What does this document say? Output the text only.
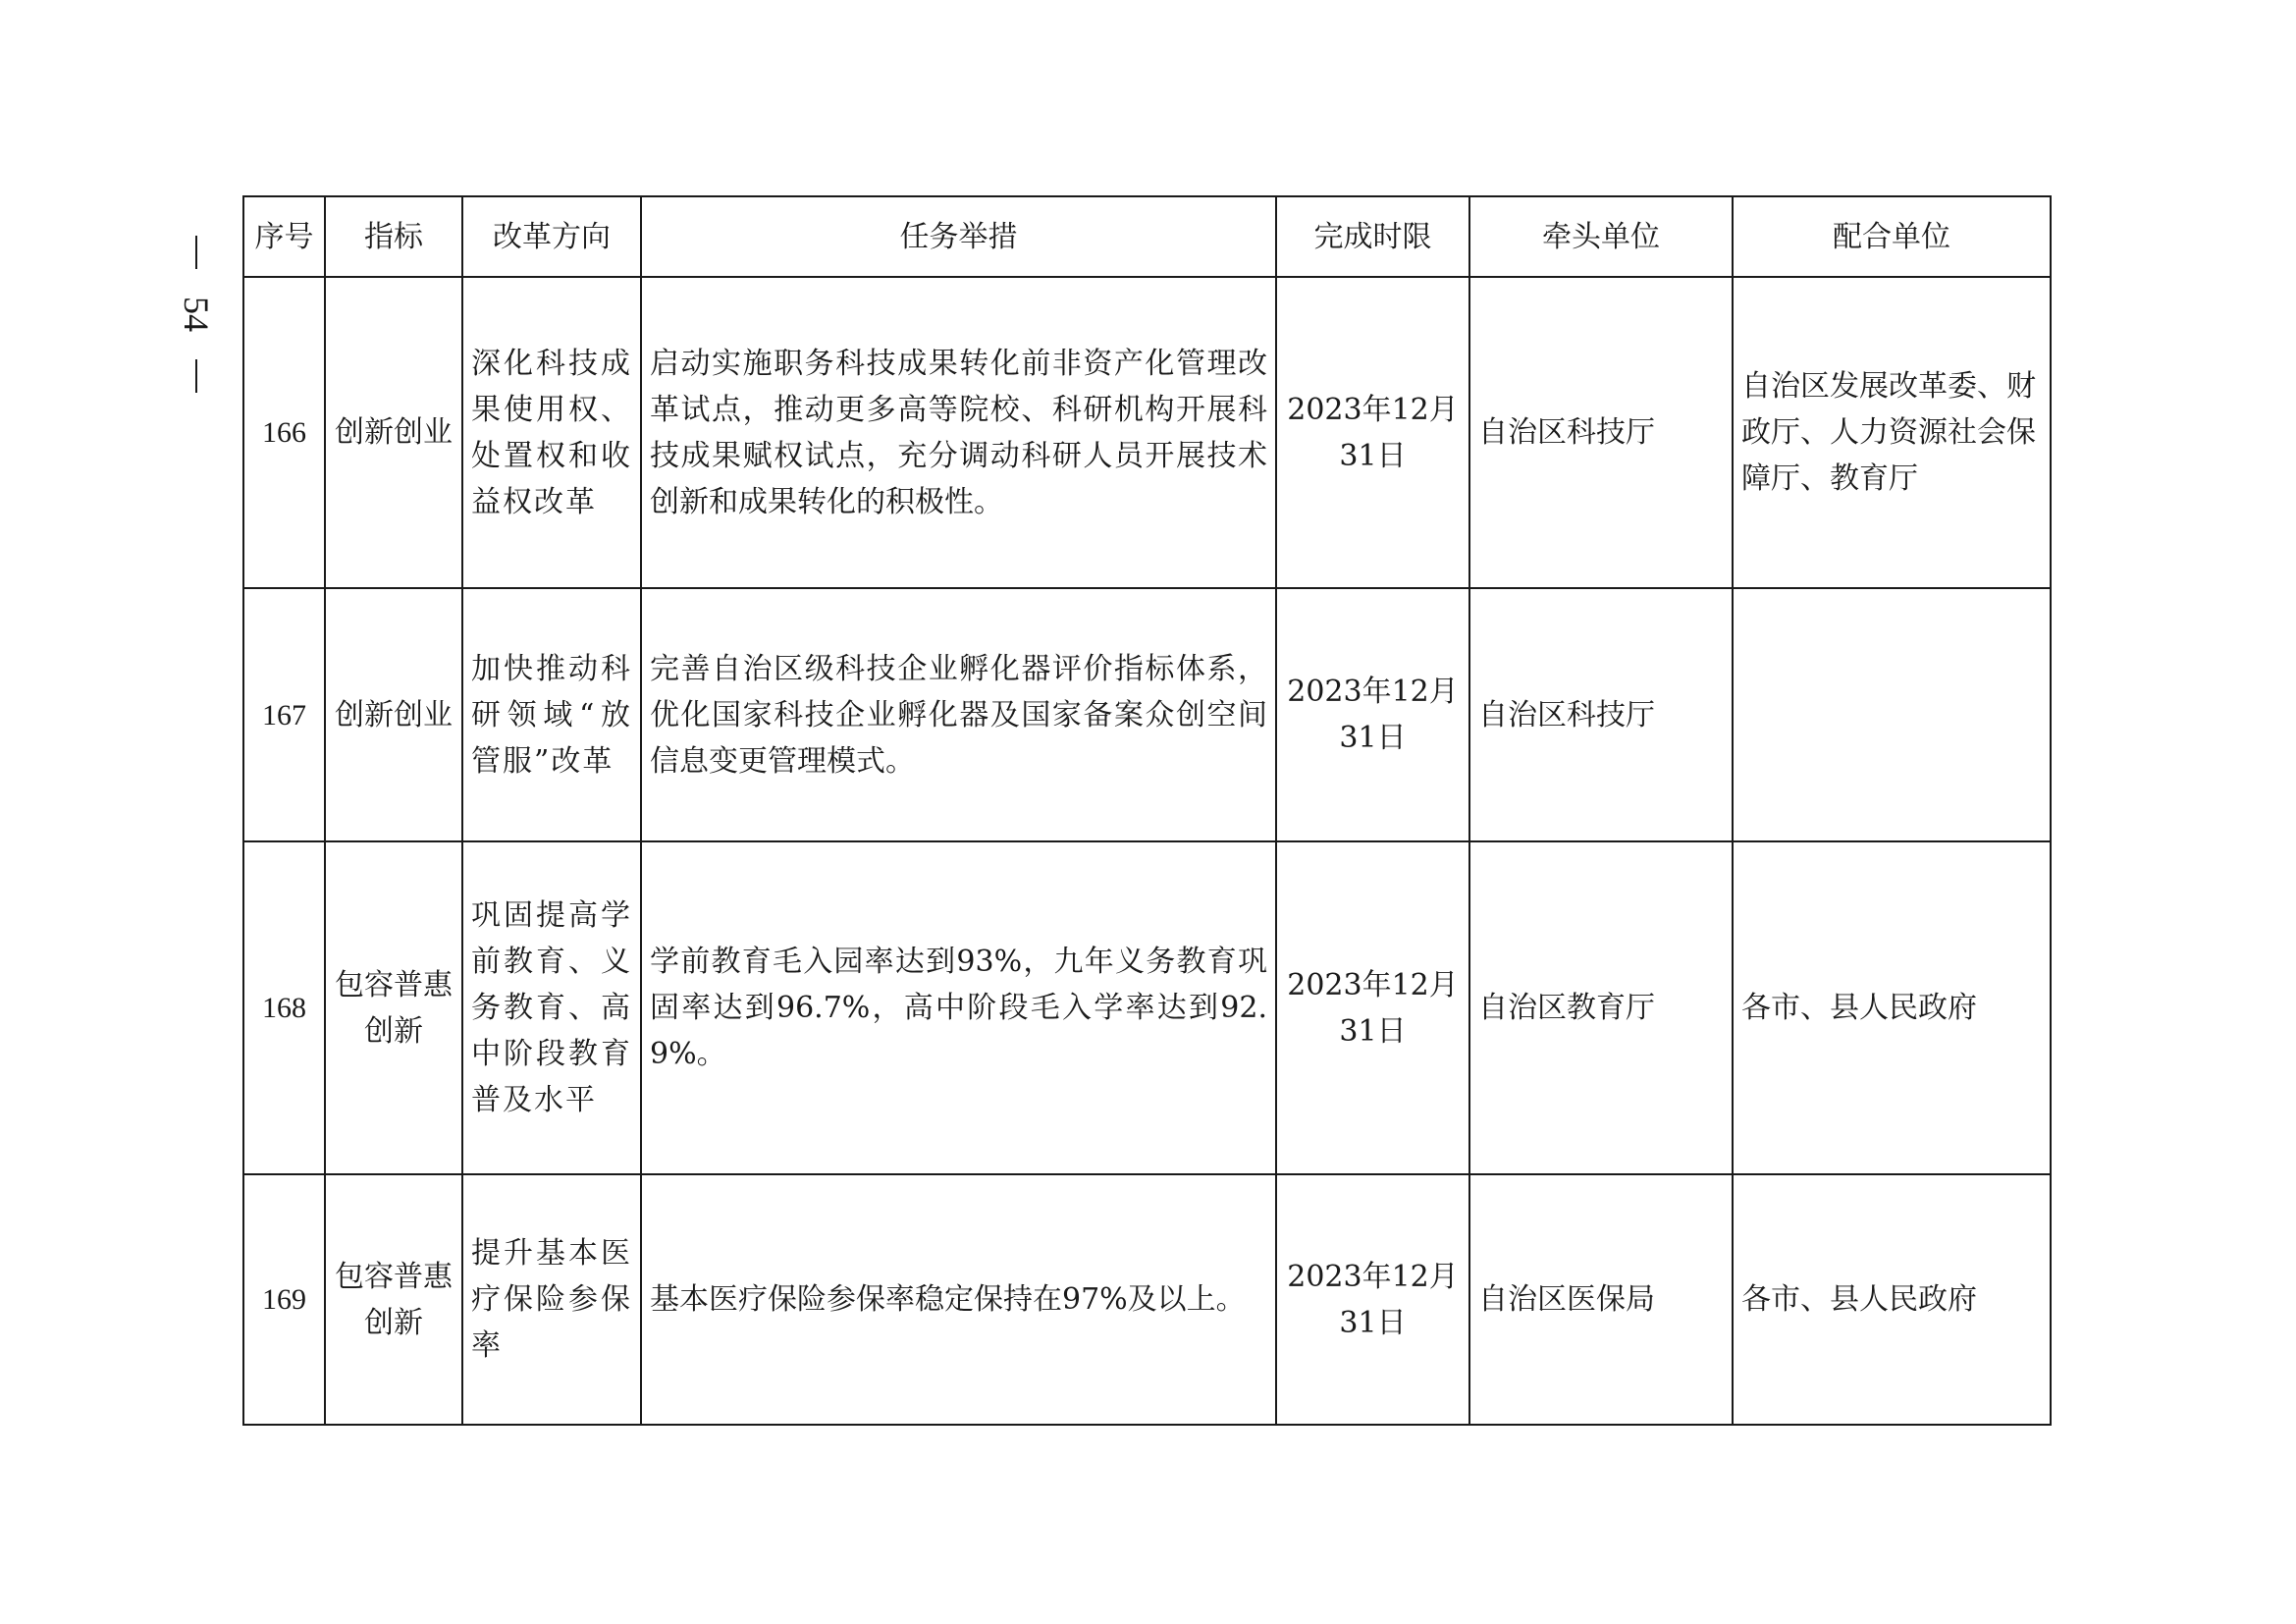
54
序号	指标	改革方向	任务举措	完成时限	牵头单位	配合单位
166	创新创业	深化科技成果使用权、处置权和收益权改革	启动实施职务科技成果转化前非资产化管理改革试点，推动更多高等院校、科研机构开展科技成果赋权试点，充分调动科研人员开展技术创新和成果转化的积极性。	2023年12月31日	自治区科技厅	自治区发展改革委、财政厅、人力资源社会保障厅、教育厅
167	创新创业	加快推动科研领域“放管服”改革	完善自治区级科技企业孵化器评价指标体系，优化国家科技企业孵化器及国家备案众创空间信息变更管理模式。	2023年12月31日	自治区科技厅	
168	包容普惠创新	巩固提高学前教育、义务教育、高中阶段教育普及水平	学前教育毛入园率达到93%，九年义务教育巩固率达到96.7%，高中阶段毛入学率达到92.9%。	2023年12月31日	自治区教育厅	各市、县人民政府
169	包容普惠创新	提升基本医疗保险参保率	基本医疗保险参保率稳定保持在97%及以上。	2023年12月31日	自治区医保局	各市、县人民政府
